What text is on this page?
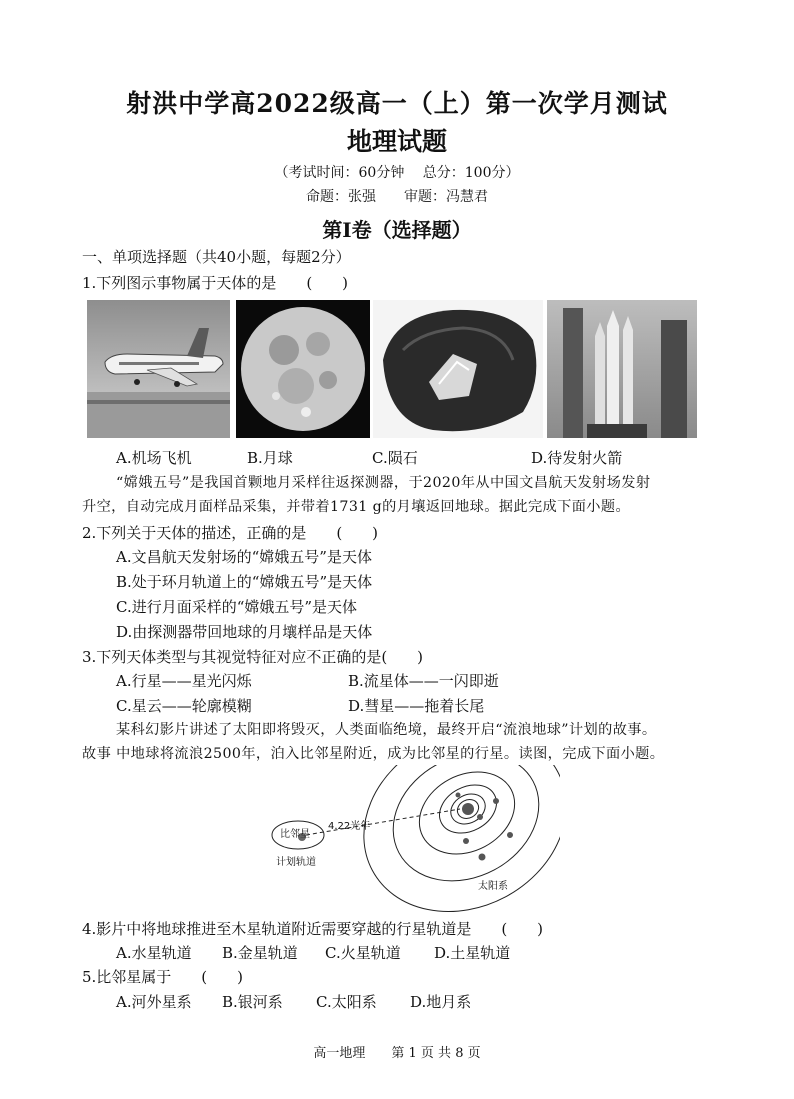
射洪中学高2022级高一（上）第一次学月测试
地理试题
（考试时间：60分钟　 总分：100分）
命题：张强　　审题：冯慧君
第I卷（选择题）
一、单项选择题（共40小题，每题2分）
1.下列图示事物属于天体的是　　(　　)
A.机场飞机	B.月球	C.陨石	D.待发射火箭
“嫦娥五号”是我国首颗地月采样往返探测器，于2020年从中国文昌航天发射场发射
升空，自动完成月面样品采集，并带着1731 g的月壤返回地球。据此完成下面小题。
2.下列关于天体的描述，正确的是　　(　　)
A.文昌航天发射场的“嫦娥五号”是天体
B.处于环月轨道上的“嫦娥五号”是天体
C.进行月面采样的“嫦娥五号”是天体
D.由探测器带回地球的月壤样品是天体
3.下列天体类型与其视觉特征对应不正确的是(　　)
A.行星——星光闪烁	B.流星体——一闪即逝
C.星云——轮廓模糊	D.彗星——拖着长尾
某科幻影片讲述了太阳即将毁灭，人类面临绝境，最终开启“流浪地球”计划的故事。
故事 中地球将流浪2500年，泊入比邻星附近，成为比邻星的行星。读图，完成下面小题。
比邻星
计划轨道
4.22光年
太阳系
4.影片中将地球推进至木星轨道附近需要穿越的行星轨道是　　(　　)
A.水星轨道 B.金星轨道 C.火星轨道 D.土星轨道
5.比邻星属于　　(　　)
A.河外星系 B.银河系 C.太阳系 D.地月系
高一地理　　第 1 页 共 8 页
